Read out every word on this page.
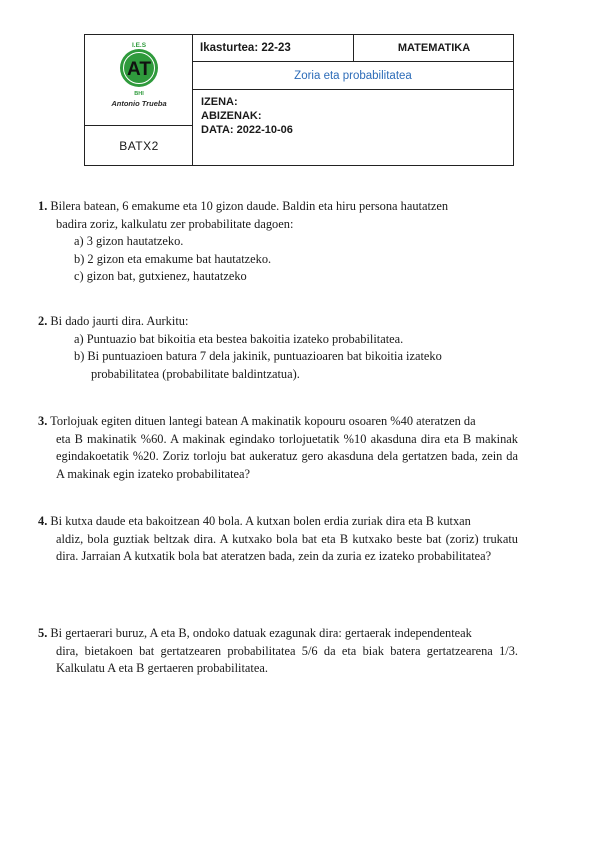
I.E.S
AT
BHI
Antonio Trueba
BATX2
Ikasturtea: 22-23	MATEMATIKA
Zoria eta probabilitatea
IZENA:
ABIZENAK:
DATA: 2022-10-06
1. Bilera batean, 6 emakume eta 10 gizon daude. Baldin eta hiru persona hautatzen
badira zoriz, kalkulatu zer probabilitate dagoen:
a) 3 gizon hautatzeko.
b) 2 gizon eta emakume bat hautatzeko.
c) gizon bat, gutxienez, hautatzeko
2. Bi dado jaurti dira. Aurkitu:
a) Puntuazio bat bikoitia eta bestea bakoitia izateko probabilitatea.
b) Bi puntuazioen batura 7 dela jakinik, puntuazioaren bat bikoitia izateko
probabilitatea (probabilitate baldintzatua).
3. Torlojuak egiten dituen lantegi batean A makinatik kopouru osoaren %40 ateratzen da
eta B makinatik %60. A makinak egindako torlojuetatik %10 akasduna dira eta B makinak egindakoetatik %20. Zoriz torloju bat aukeratuz gero akasduna dela gertatzen bada, zein da A makinak egin izateko probabilitatea?
4. Bi kutxa daude eta bakoitzean 40 bola. A kutxan bolen erdia zuriak dira eta B kutxan
aldiz, bola guztiak beltzak dira. A kutxako bola bat eta B kutxako beste bat (zoriz) trukatu dira. Jarraian A kutxatik bola bat ateratzen bada, zein da zuria ez izateko probabilitatea?
5. Bi gertaerari buruz, A eta B, ondoko datuak ezagunak dira: gertaerak independenteak
dira, bietakoen bat gertatzearen probabilitatea 5/6 da eta biak batera gertatzearena 1/3. Kalkulatu A eta B gertaeren probabilitatea.
